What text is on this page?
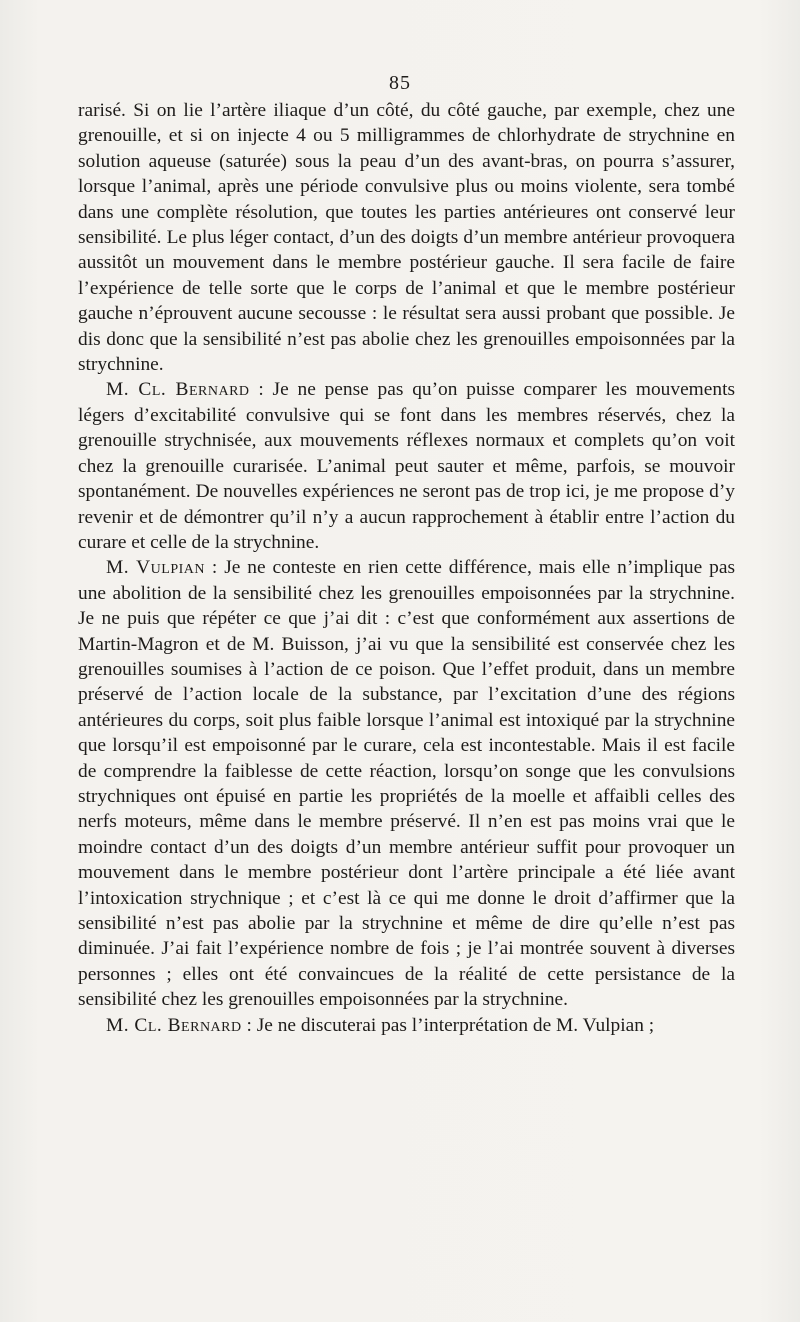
85

rarisé. Si on lie l’artère iliaque d’un côté, du côté gauche, par exemple, chez une grenouille, et si on injecte 4 ou 5 milligrammes de chlorhydrate de strychnine en solution aqueuse (saturée) sous la peau d’un des avant-bras, on pourra s’assurer, lorsque l’animal, après une période convulsive plus ou moins violente, sera tombé dans une complète résolution, que toutes les parties antérieures ont conservé leur sensibilité. Le plus léger contact, d’un des doigts d’un membre antérieur provoquera aussitôt un mouvement dans le membre postérieur gauche. Il sera facile de faire l’expérience de telle sorte que le corps de l’animal et que le membre postérieur gauche n’éprouvent aucune secousse : le résultat sera aussi probant que possible. Je dis donc que la sensibilité n’est pas abolie chez les grenouilles empoisonnées par la strychnine.

M. Cl. Bernard : Je ne pense pas qu’on puisse comparer les mouvements légers d’excitabilité convulsive qui se font dans les membres réservés, chez la grenouille strychnisée, aux mouvements réflexes normaux et complets qu’on voit chez la grenouille curarisée. L’animal peut sauter et même, parfois, se mouvoir spontanément. De nouvelles expériences ne seront pas de trop ici, je me propose d’y revenir et de démontrer qu’il n’y a aucun rapprochement à établir entre l’action du curare et celle de la strychnine.

M. Vulpian : Je ne conteste en rien cette différence, mais elle n’implique pas une abolition de la sensibilité chez les grenouilles empoisonnées par la strychnine. Je ne puis que répéter ce que j’ai dit : c’est que conformément aux assertions de Martin-Magron et de M. Buisson, j’ai vu que la sensibilité est conservée chez les grenouilles soumises à l’action de ce poison. Que l’effet produit, dans un membre préservé de l’action locale de la substance, par l’excitation d’une des régions antérieures du corps, soit plus faible lorsque l’animal est intoxiqué par la strychnine que lorsqu’il est empoisonné par le curare, cela est incontestable. Mais il est facile de comprendre la faiblesse de cette réaction, lorsqu’on songe que les convulsions strychniques ont épuisé en partie les propriétés de la moelle et affaibli celles des nerfs moteurs, même dans le membre préservé. Il n’en est pas moins vrai que le moindre contact d’un des doigts d’un membre antérieur suffit pour provoquer un mouvement dans le membre postérieur dont l’artère principale a été liée avant l’intoxication strychnique ; et c’est là ce qui me donne le droit d’affirmer que la sensibilité n’est pas abolie par la strychnine et même de dire qu’elle n’est pas diminuée. J’ai fait l’expérience nombre de fois ; je l’ai montrée souvent à diverses personnes ; elles ont été convaincues de la réalité de cette persistance de la sensibilité chez les grenouilles empoisonnées par la strychnine.

M. Cl. Bernard : Je ne discuterai pas l’interprétation de M. Vulpian ;
